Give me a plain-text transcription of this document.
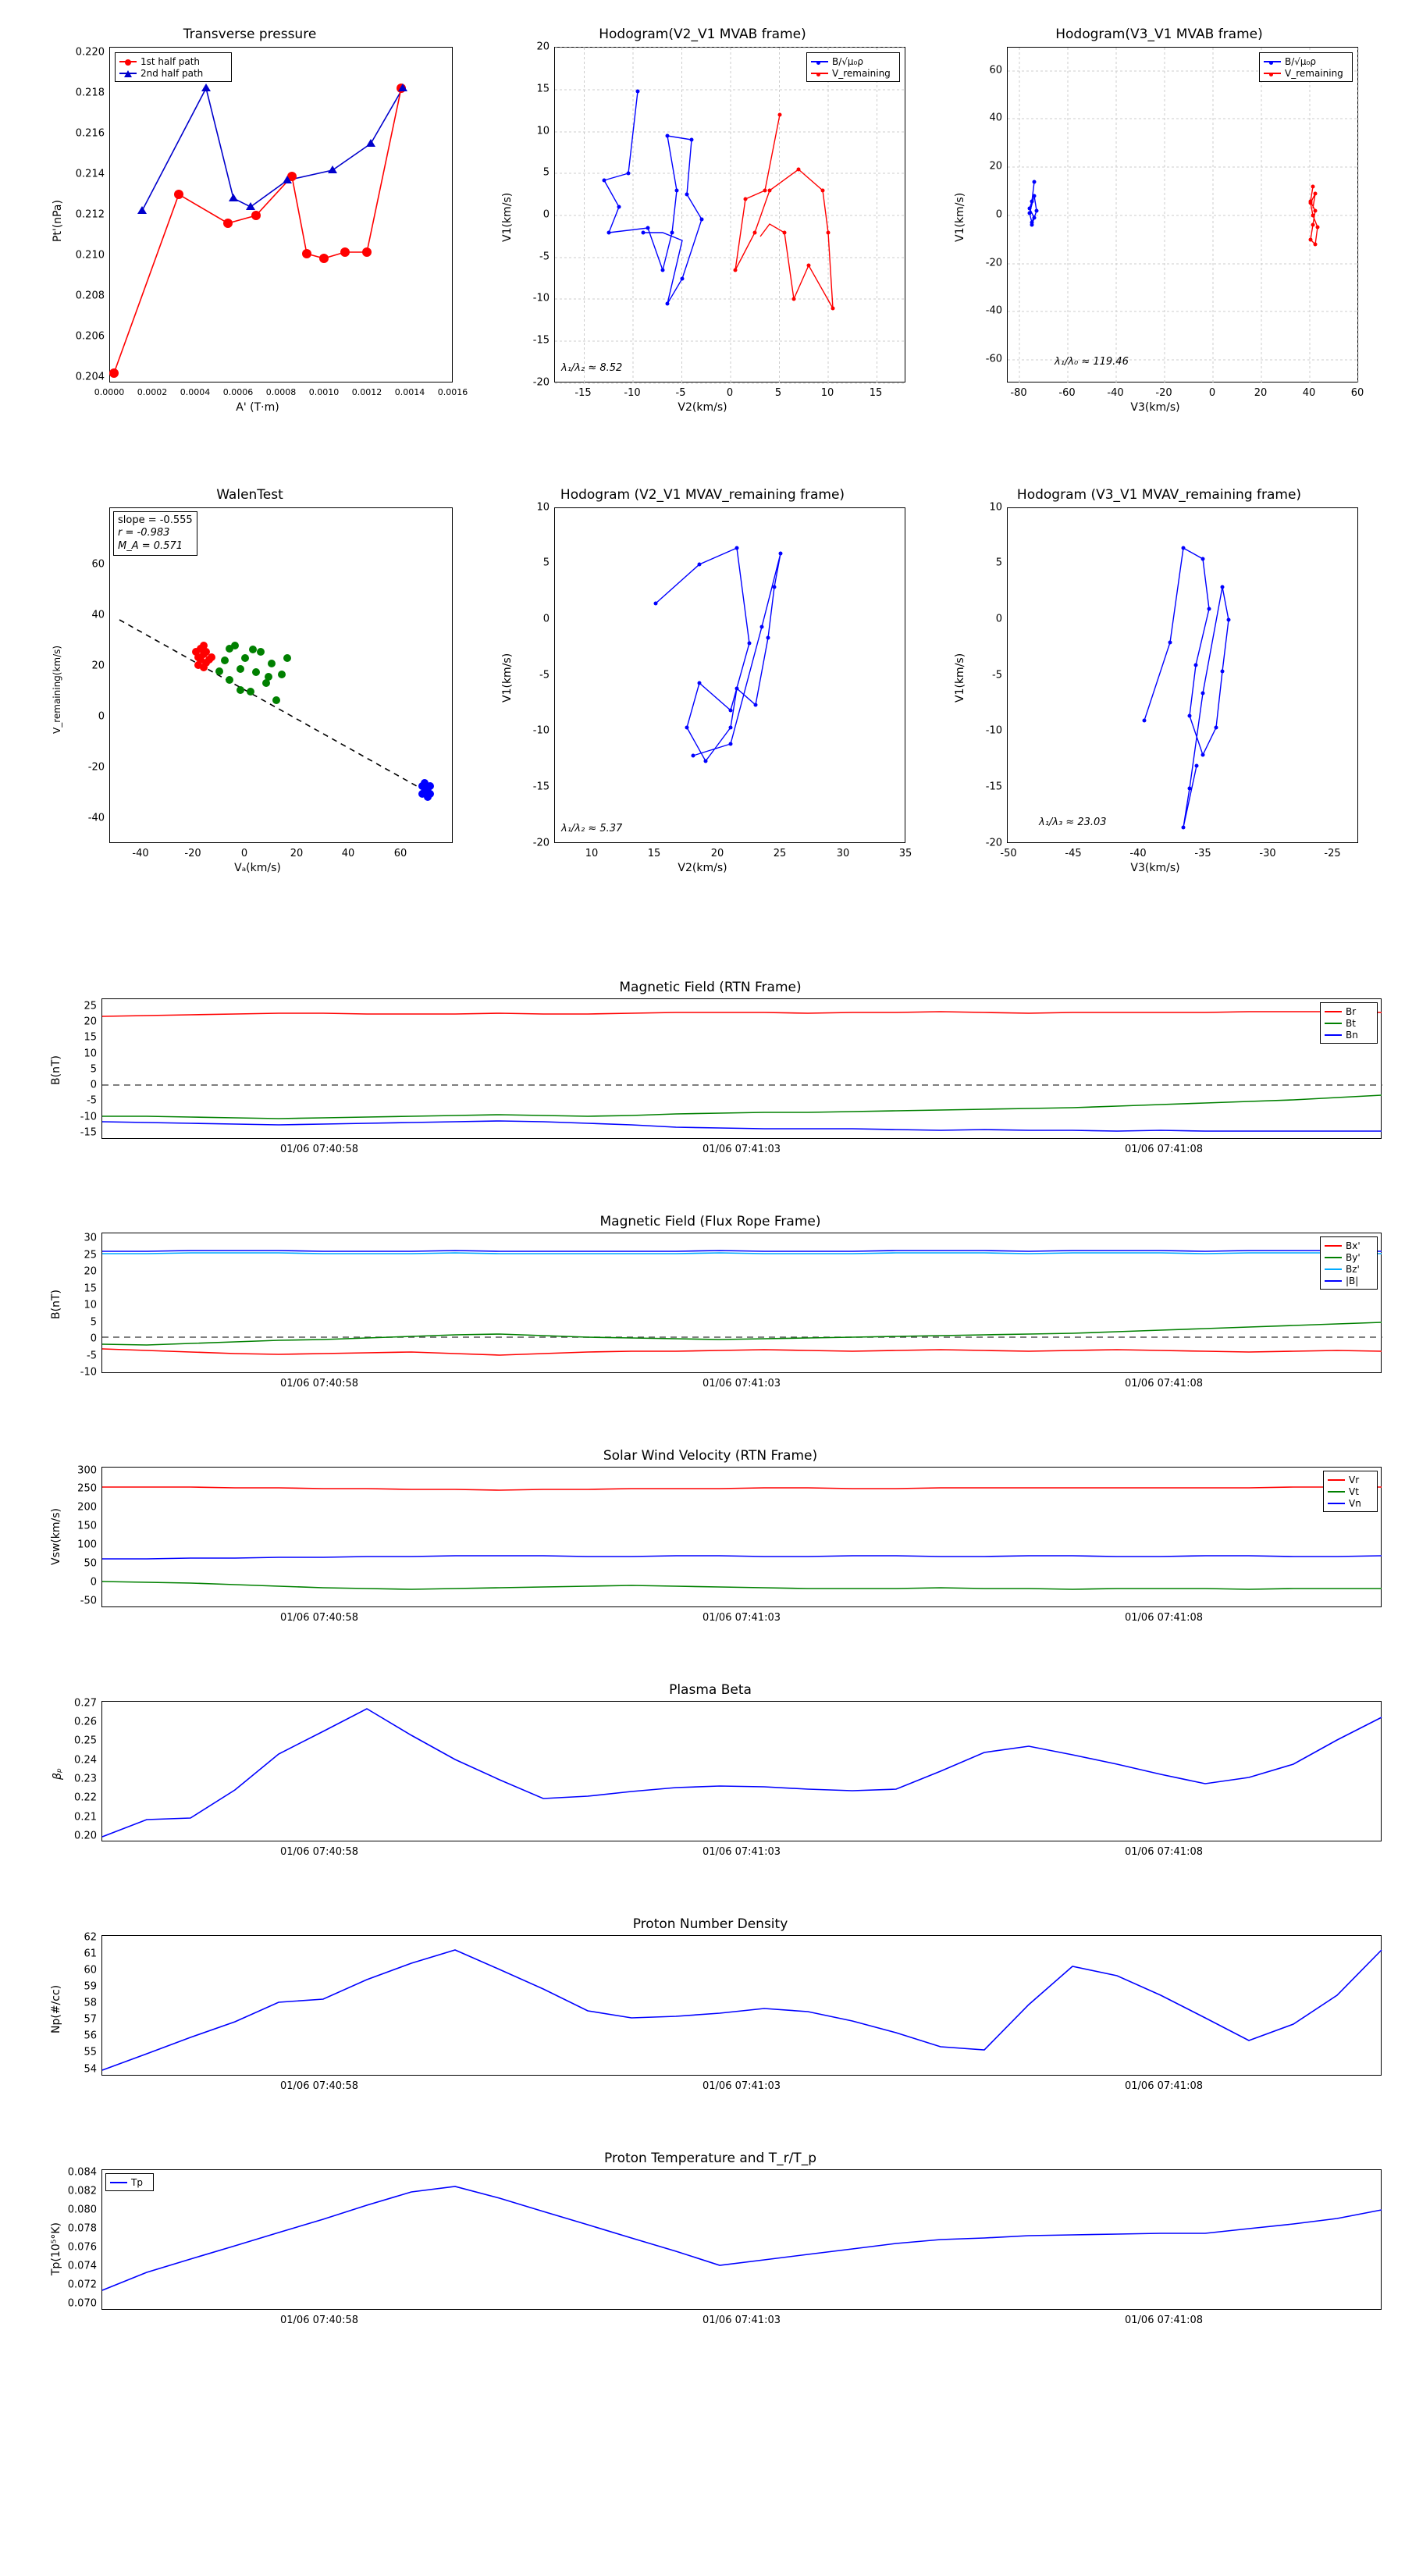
Transverse pressure
1st half path
2nd half path
0.220
0.218
0.216
0.214
0.212
0.210
0.208
0.206
0.204
0.0000 0.0002 0.0004 0.0006 0.0008 0.0010 0.0012 0.0014 0.0016
A' (T·m)
Pt'(nPa)
Hodogram(V2_V1 MVAB frame)
B/√μ₀ρ
V_remaining
λ₁/λ₂ ≈ 8.52
20
15
10
5
0
-5
-10
-15
-20
-15	-10	-5	0	5	10	15
V2(km/s)
V1(km/s)
Hodogram(V3_V1 MVAB frame)
B/√μ₀ρ
V_remaining
λ₁/λ₀ ≈ 119.46
60
40
20
0
-20
-40
-60
-80	-60	-40	-20	0	20	40	60
V3(km/s)
V1(km/s)
WalenTest
slope = -0.555
r = -0.983
M_A = 0.571
60
40
20
0
-20
-40
-40	-20	0	20	40	60
Vₐ(km/s)
V_remaining(km/s)
Hodogram (V2_V1 MVAV_remaining frame)
λ₁/λ₂ ≈ 5.37
10
5
0
-5
-10
-15
-20
10	15	20	25	30	35
V2(km/s)
V1(km/s)
Hodogram (V3_V1 MVAV_remaining frame)
λ₁/λ₃ ≈ 23.03
10
5
0
-5
-10
-15
-20
-50	-45	-40	-35	-30	-25
V3(km/s)
V1(km/s)
Magnetic Field (RTN Frame)
Br
Bt
Bn
25
20
15
10
5
0
-5
-10
-15
01/06 07:40:58	01/06 07:41:03	01/06 07:41:08
B(nT)
Magnetic Field (Flux Rope Frame)
Bx'
By'
Bz'
|B|
30
25
20
15
10
5
0
-5
-10
01/06 07:40:58	01/06 07:41:03	01/06 07:41:08
B(nT)
Solar Wind Velocity (RTN Frame)
Vr
Vt
Vn
300
250
200
150
100
50
0
-50
01/06 07:40:58	01/06 07:41:03	01/06 07:41:08
Vsw(km/s)
Plasma Beta
0.27
0.26
0.25
0.24
0.23
0.22
0.21
0.20
01/06 07:40:58	01/06 07:41:03	01/06 07:41:08
βₚ
Proton Number Density
62
61
60
59
58
57
56
55
54
01/06 07:40:58	01/06 07:41:03	01/06 07:41:08
Np(#/cc)
Proton Temperature and T_r/T_p
Tp
0.084
0.082
0.080
0.078
0.076
0.074
0.072
0.070
01/06 07:40:58	01/06 07:41:03	01/06 07:41:08
Tp(10⁵°K)
